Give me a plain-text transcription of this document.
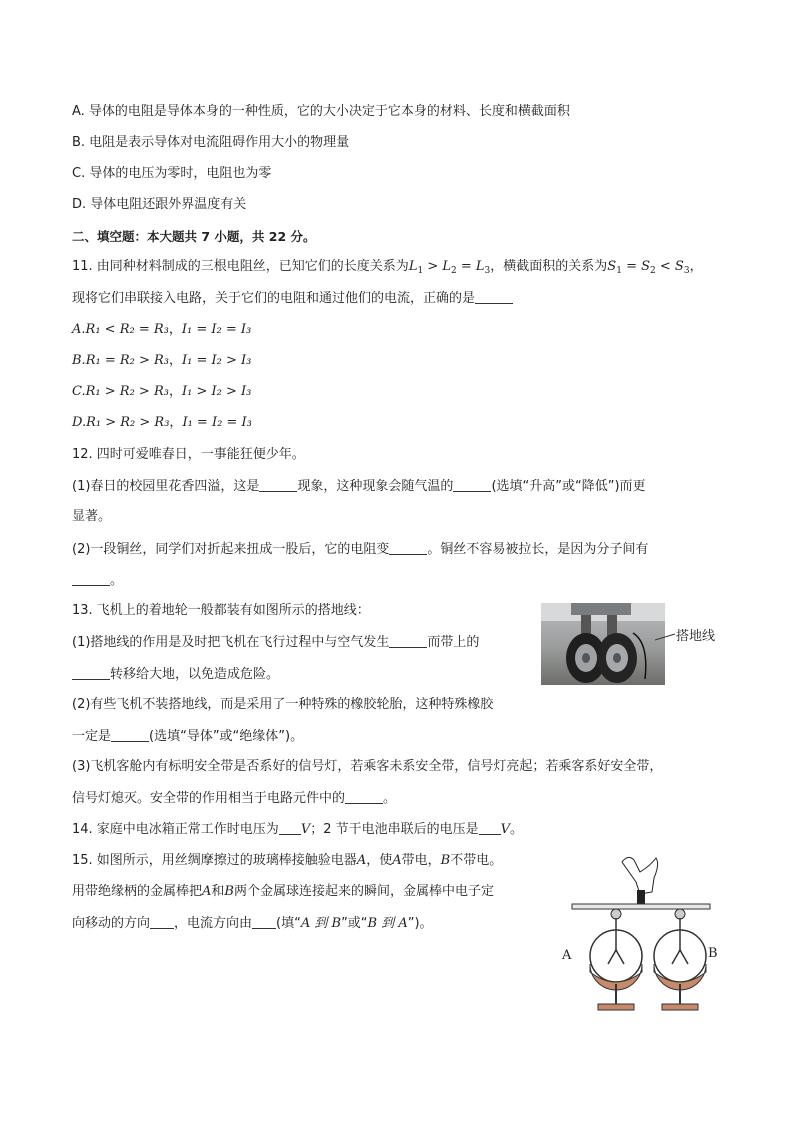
A. 导体的电阻是导体本身的一种性质，它的大小决定于它本身的材料、长度和横截面积
B. 电阻是表示导体对电流阻碍作用大小的物理量
C. 导体的电压为零时，电阻也为零
D. 导体电阻还跟外界温度有关
二、填空题：本大题共 7 小题，共 22 分。
11. 由同种材料制成的三根电阻丝，已知它们的长度关系为$L_1 > L_2 = L_3$，横截面积的关系为$S_1 = S_2 < S_3$，
现将它们串联接入电路，关于它们的电阻和通过他们的电流，正确的是
A.R₁ < R₂ = R₃，I₁ = I₂ = I₃
B.R₁ = R₂ > R₃，I₁ = I₂ > I₃
C.R₁ > R₂ > R₃，I₁ > I₂ > I₃
D.R₁ > R₂ > R₃，I₁ = I₂ = I₃
12. 四时可爱唯春日，一事能狂便少年。
(1)春日的校园里花香四溢，这是	现象，这种现象会随气温的	(选填“升高”或“降低”)而更
显著。
(2)一段铜丝，同学们对折起来扭成一股后，它的电阻变	。铜丝不容易被拉长，是因为分子间有
。
13. 飞机上的着地轮一般都装有如图所示的搭地线：
(1)搭地线的作用是及时把飞机在飞行过程中与空气发生	而带上的
转移给大地，以免造成危险。
(2)有些飞机不装搭地线，而是采用了一种特殊的橡胶轮胎，这种特殊橡胶
一定是	(选填“导体”或“绝缘体”)。
(3)飞机客舱内有标明安全带是否系好的信号灯，若乘客未系安全带，信号灯亮起；若乘客系好安全带，
信号灯熄灭。安全带的作用相当于电路元件中的	。
搭地线
14. 家庭中电冰箱正常工作时电压为 V；2 节干电池串联后的电压是 V。
15. 如图所示，用丝绸摩擦过的玻璃棒接触验电器A，使A带电，B不带电。
用带绝缘柄的金属棒把A和B两个金属球连接起来的瞬间，金属棒中电子定
向移动的方向 ，电流方向由 (填“A 到 B”或“B 到 A”)。
A	B
